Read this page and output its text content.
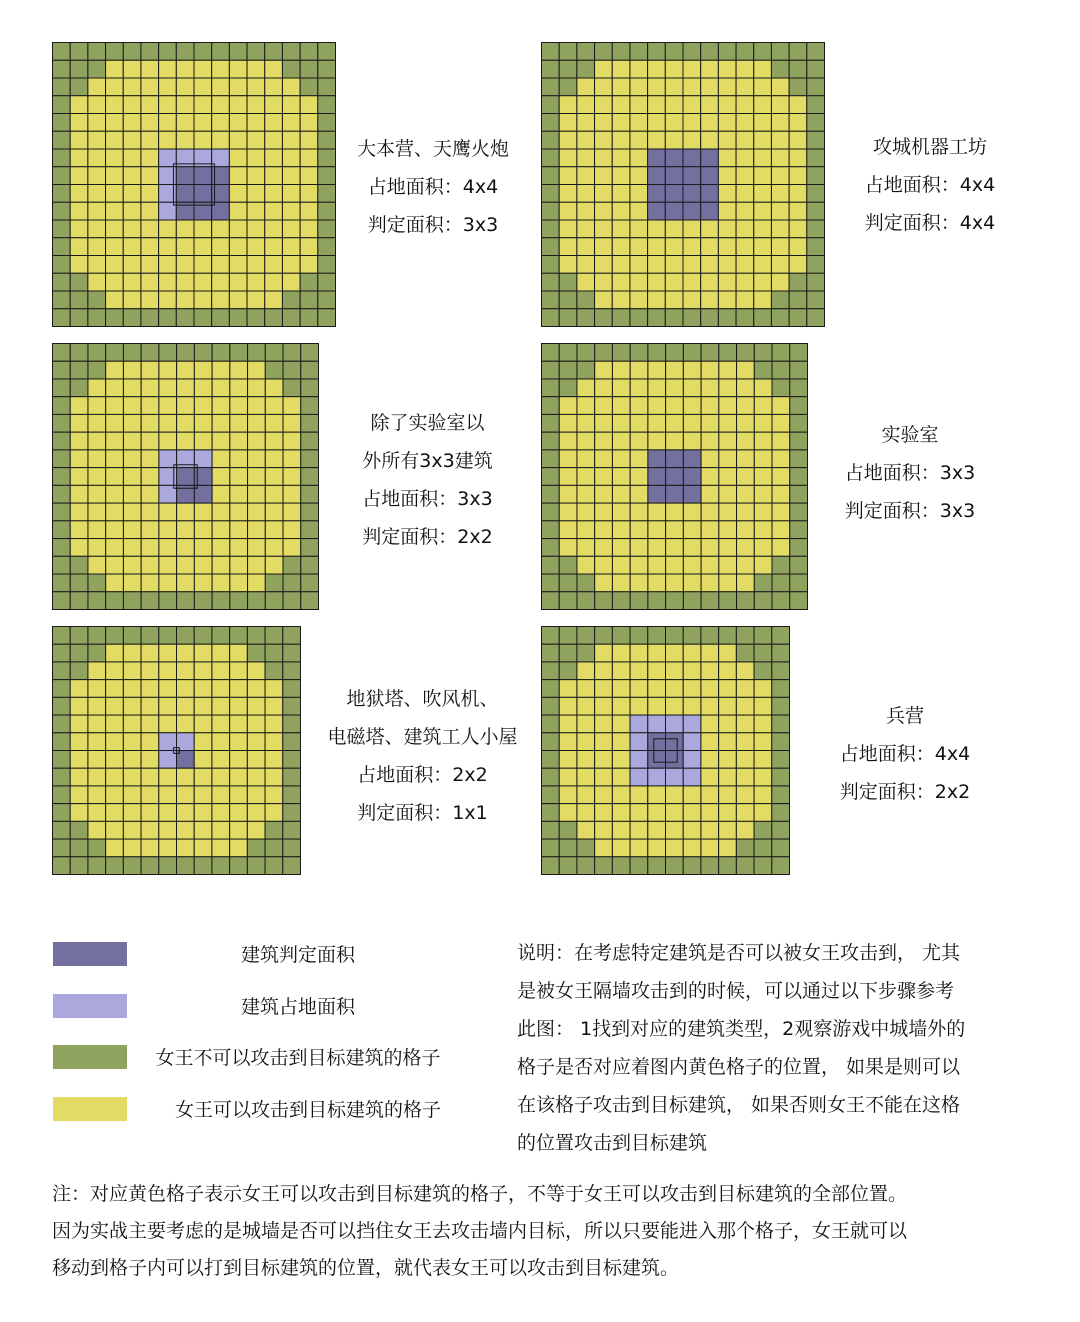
大本营、天鹰火炮
占地面积：4x4
判定面积：3x3
攻城机器工坊
占地面积：4x4
判定面积：4x4
除了实验室以
外所有3x3建筑
占地面积：3x3
判定面积：2x2
实验室
占地面积：3x3
判定面积：3x3
地狱塔、吹风机、
电磁塔、建筑工人小屋
占地面积：2x2
判定面积：1x1
兵营
占地面积：4x4
判定面积：2x2
建筑判定面积
建筑占地面积
女王不可以攻击到目标建筑的格子
女王可以攻击到目标建筑的格子
说明：在考虑特定建筑是否可以被女王攻击到， 尤其
是被女王隔墙攻击到的时候，可以通过以下步骤参考
此图： 1找到对应的建筑类型，2观察游戏中城墙外的
格子是否对应着图内黄色格子的位置， 如果是则可以
在该格子攻击到目标建筑， 如果否则女王不能在这格
的位置攻击到目标建筑
注：对应黄色格子表示女王可以攻击到目标建筑的格子，不等于女王可以攻击到目标建筑的全部位置。
因为实战主要考虑的是城墙是否可以挡住女王去攻击墙内目标，所以只要能进入那个格子，女王就可以
移动到格子内可以打到目标建筑的位置，就代表女王可以攻击到目标建筑。
